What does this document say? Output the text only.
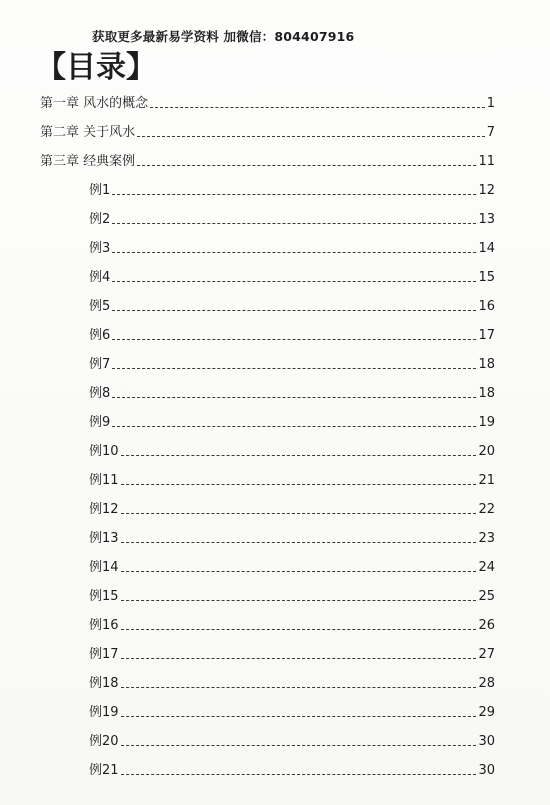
获取更多最新易学资料 加微信：804407916
【目录】
第一章 风水的概念	1
第二章 关于风水	7
第三章 经典案例	11
例1	12
例2	13
例3	14
例4	15
例5	16
例6	17
例7	18
例8	18
例9	19
例10	20
例11	21
例12	22
例13	23
例14	24
例15	25
例16	26
例17	27
例18	28
例19	29
例20	30
例21	30
